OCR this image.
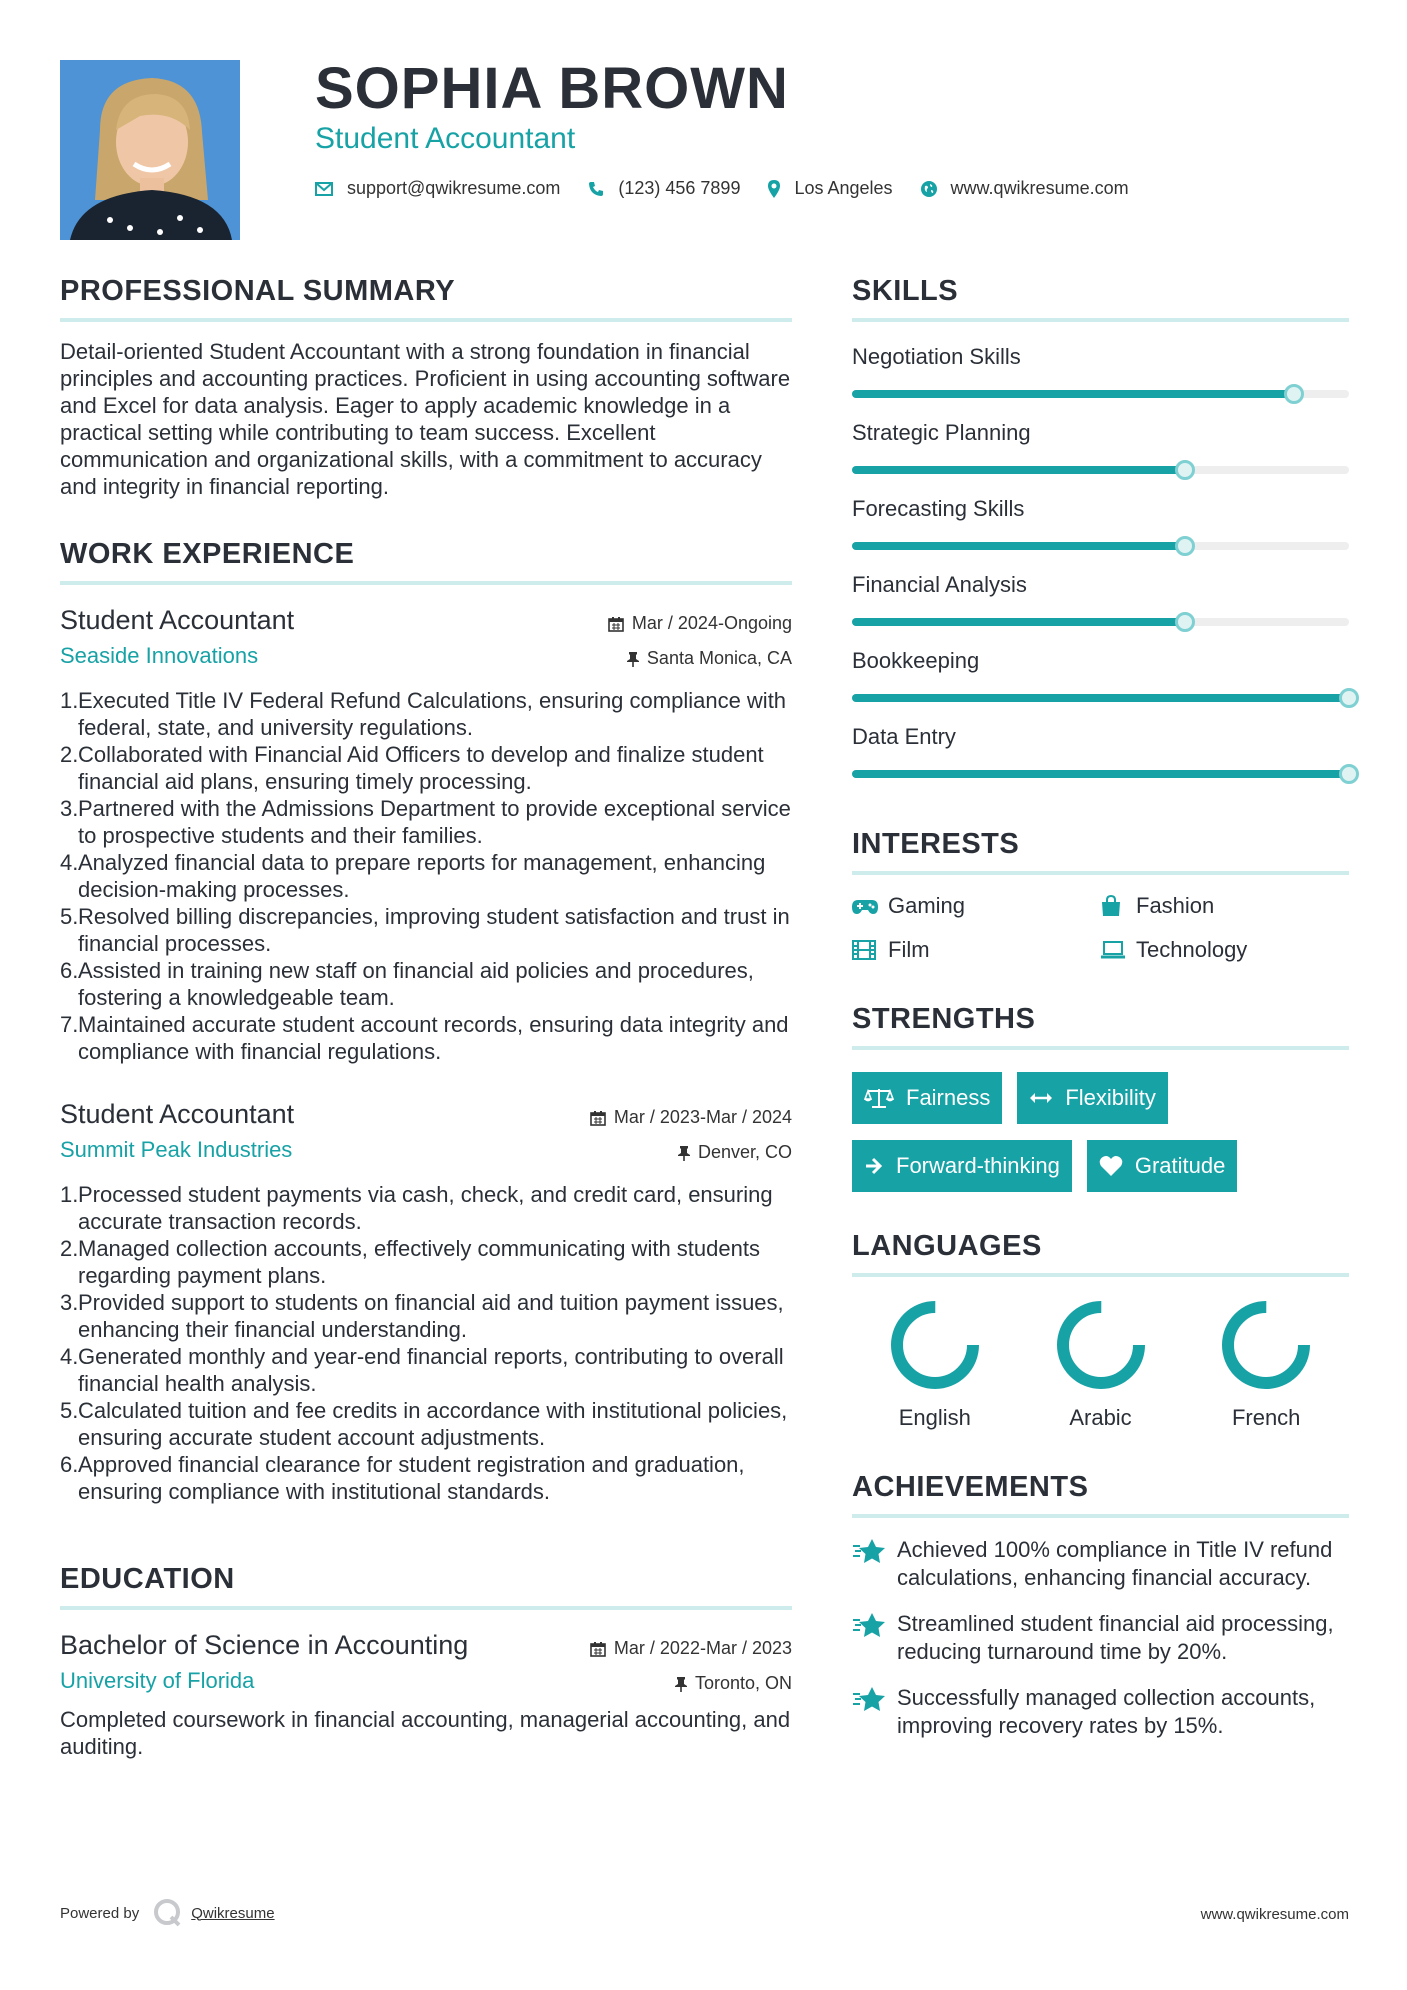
SOPHIA BROWN
Student Accountant
support@qwikresume.com	(123) 456 7899	Los Angeles	www.qwikresume.com
PROFESSIONAL SUMMARY
Detail-oriented Student Accountant with a strong foundation in financial principles and accounting practices. Proficient in using accounting software and Excel for data analysis. Eager to apply academic knowledge in a practical setting while contributing to team success. Excellent communication and organizational skills, with a commitment to accuracy and integrity in financial reporting.
WORK EXPERIENCE
Student Accountant	Mar / 2024-Ongoing
Seaside Innovations	Santa Monica, CA
Executed Title IV Federal Refund Calculations, ensuring compliance with federal, state, and university regulations.
Collaborated with Financial Aid Officers to develop and finalize student financial aid plans, ensuring timely processing.
Partnered with the Admissions Department to provide exceptional service to prospective students and their families.
Analyzed financial data to prepare reports for management, enhancing decision-making processes.
Resolved billing discrepancies, improving student satisfaction and trust in financial processes.
Assisted in training new staff on financial aid policies and procedures, fostering a knowledgeable team.
Maintained accurate student account records, ensuring data integrity and compliance with financial regulations.
Student Accountant	Mar / 2023-Mar / 2024
Summit Peak Industries	Denver, CO
Processed student payments via cash, check, and credit card, ensuring accurate transaction records.
Managed collection accounts, effectively communicating with students regarding payment plans.
Provided support to students on financial aid and tuition payment issues, enhancing their financial understanding.
Generated monthly and year-end financial reports, contributing to overall financial health analysis.
Calculated tuition and fee credits in accordance with institutional policies, ensuring accurate student account adjustments.
Approved financial clearance for student registration and graduation, ensuring compliance with institutional standards.
EDUCATION
Bachelor of Science in Accounting	Mar / 2022-Mar / 2023
University of Florida	Toronto, ON
Completed coursework in financial accounting, managerial accounting, and auditing.
SKILLS
Negotiation Skills
Strategic Planning
Forecasting Skills
Financial Analysis
Bookkeeping
Data Entry
INTERESTS
Gaming	Fashion
Film	Technology
STRENGTHS
Fairness	Flexibility
Forward-thinking	Gratitude
LANGUAGES
English	Arabic	French
ACHIEVEMENTS
Achieved 100% compliance in Title IV refund calculations, enhancing financial accuracy.
Streamlined student financial aid processing, reducing turnaround time by 20%.
Successfully managed collection accounts, improving recovery rates by 15%.
Powered by	Qwikresume	www.qwikresume.com
